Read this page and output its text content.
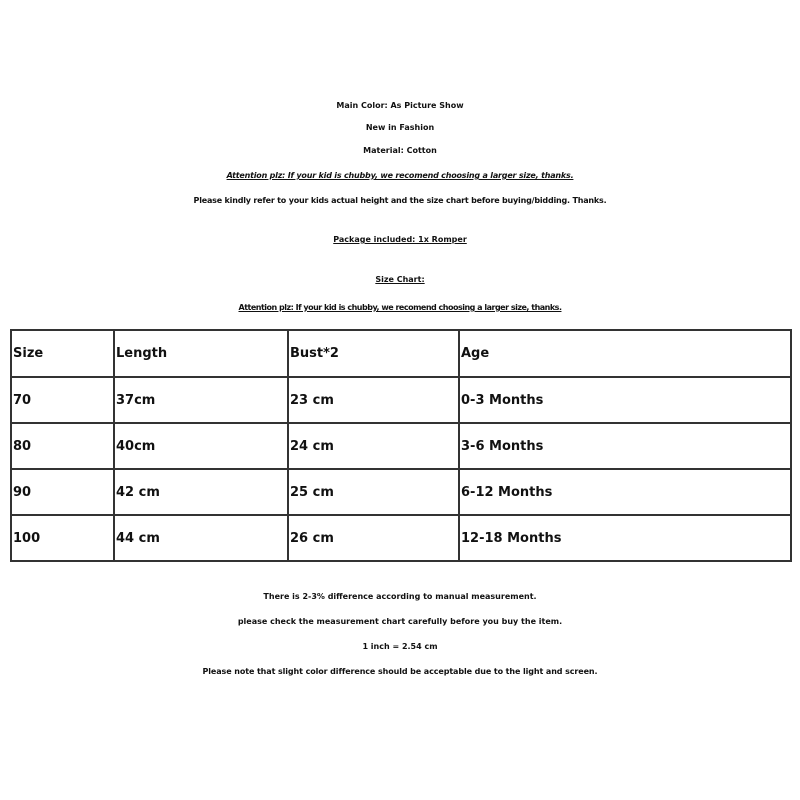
Main Color: As Picture Show
New in Fashion
Material: Cotton
Attention plz: If your kid is chubby, we recomend choosing a larger size, thanks.
Please kindly refer to your kids actual height and the size chart before buying/bidding. Thanks.
Package included: 1x Romper
Size Chart:
Attention plz: If your kid is chubby, we recomend choosing a larger size, thanks.
Size	Length	Bust*2	Age
70	37cm	23 cm	0-3 Months
80	40cm	24 cm	3-6 Months
90	42 cm	25 cm	6-12 Months
100	44 cm	26 cm	12-18 Months
There is 2-3% difference according to manual measurement.
please check the measurement chart carefully before you buy the item.
1 inch = 2.54 cm
Please note that slight color difference should be acceptable due to the light and screen.
